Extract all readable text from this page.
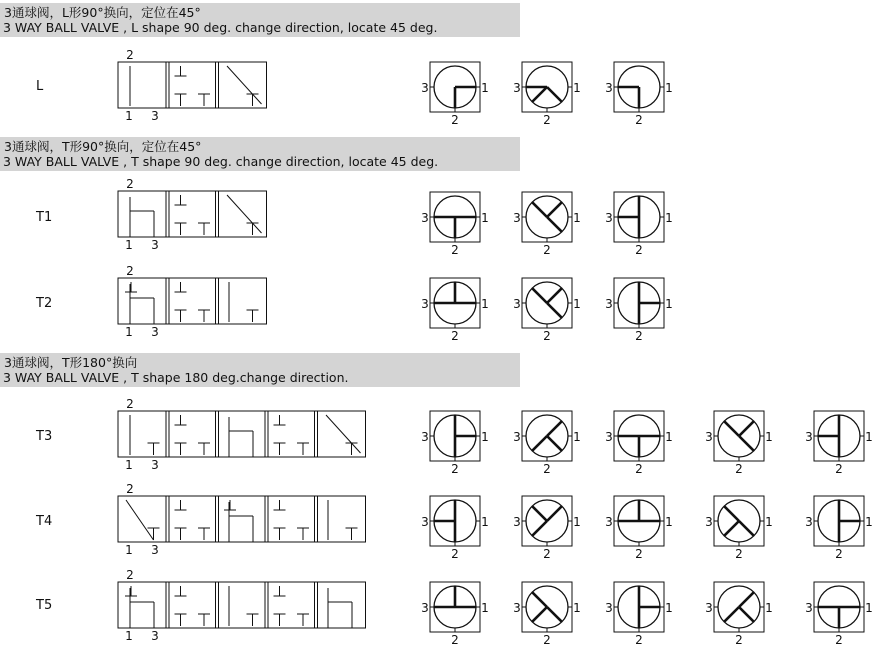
3通球阀，L形90°换向，定位在45°
3 WAY BALL VALVE , L shape 90 deg. change direction, locate 45 deg.
3通球阀，T形90°换向，定位在45°
3 WAY BALL VALVE , T shape 90 deg. change direction, locate 45 deg.
3通球阀，T形180°换向
3 WAY BALL VALVE , T shape 180 deg.change direction.
L
T1
T2
T3
T4
T5
2
1 3
3	1
2
3	1
2
3	1
2
2
1 3
3	1
2
3	1
2
3	1
2
2
1 3
3	1
2
3	1
2
3	1
2
2
1 3
3	1
2
3	1
2
3	1
2
3	1
2
3	1
2
2
1 3
3	1
2
3	1
2
3	1
2
3	1
2
3	1
2
2
1 3
3	1
2
3	1
2
3	1
2
3	1
2
3	1
2
